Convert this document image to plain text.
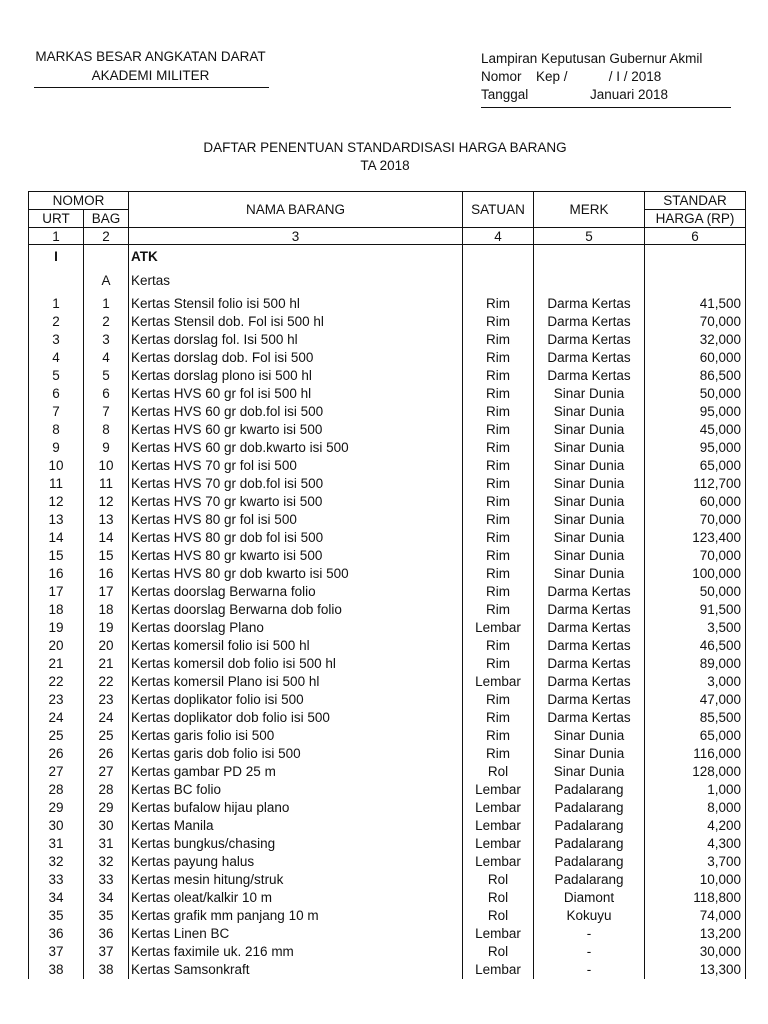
MARKAS BESAR ANGKATAN DARAT
AKADEMI MILITER
Lampiran Keputusan Gubernur Akmil
Nomor Kep /           / I / 2018
Tanggal	Januari 2018
DAFTAR PENENTUAN STANDARDISASI HARGA BARANG
TA 2018
NOMOR		NAMA BARANG	SATUAN	MERK	STANDAR
URT	BAG				HARGA (RP)
1	2	3	4	5	6
I		ATK			
	A	Kertas			
1	1	Kertas Stensil folio isi 500 hl	Rim	Darma Kertas	41,500
2	2	Kertas Stensil dob. Fol isi 500 hl	Rim	Darma Kertas	70,000
3	3	Kertas dorslag fol. Isi 500 hl	Rim	Darma Kertas	32,000
4	4	Kertas dorslag dob. Fol isi 500	Rim	Darma Kertas	60,000
5	5	Kertas dorslag plono isi 500 hl	Rim	Darma Kertas	86,500
6	6	Kertas HVS 60 gr fol isi 500 hl	Rim	Sinar Dunia	50,000
7	7	Kertas HVS 60 gr dob.fol isi 500	Rim	Sinar Dunia	95,000
8	8	Kertas HVS 60 gr kwarto isi 500	Rim	Sinar Dunia	45,000
9	9	Kertas HVS 60 gr dob.kwarto isi 500	Rim	Sinar Dunia	95,000
10	10	Kertas HVS 70 gr fol isi 500	Rim	Sinar Dunia	65,000
11	11	Kertas HVS 70 gr dob.fol isi 500	Rim	Sinar Dunia	112,700
12	12	Kertas HVS 70 gr kwarto isi 500	Rim	Sinar Dunia	60,000
13	13	Kertas HVS 80 gr fol isi 500	Rim	Sinar Dunia	70,000
14	14	Kertas HVS 80 gr dob fol isi 500	Rim	Sinar Dunia	123,400
15	15	Kertas HVS 80 gr kwarto isi 500	Rim	Sinar Dunia	70,000
16	16	Kertas HVS 80 gr dob kwarto isi 500	Rim	Sinar Dunia	100,000
17	17	Kertas doorslag Berwarna folio	Rim	Darma Kertas	50,000
18	18	Kertas doorslag Berwarna dob folio	Rim	Darma Kertas	91,500
19	19	Kertas doorslag Plano	Lembar	Darma Kertas	3,500
20	20	Kertas komersil folio isi 500 hl	Rim	Darma Kertas	46,500
21	21	Kertas komersil dob folio isi 500 hl	Rim	Darma Kertas	89,000
22	22	Kertas komersil Plano isi 500 hl	Lembar	Darma Kertas	3,000
23	23	Kertas doplikator folio isi 500	Rim	Darma Kertas	47,000
24	24	Kertas doplikator dob folio isi 500	Rim	Darma Kertas	85,500
25	25	Kertas garis folio isi 500	Rim	Sinar Dunia	65,000
26	26	Kertas garis dob folio isi 500	Rim	Sinar Dunia	116,000
27	27	Kertas gambar PD 25 m	Rol	Sinar Dunia	128,000
28	28	Kertas BC folio	Lembar	Padalarang	1,000
29	29	Kertas bufalow hijau plano	Lembar	Padalarang	8,000
30	30	Kertas Manila	Lembar	Padalarang	4,200
31	31	Kertas bungkus/chasing	Lembar	Padalarang	4,300
32	32	Kertas payung halus	Lembar	Padalarang	3,700
33	33	Kertas mesin hitung/struk	Rol	Padalarang	10,000
34	34	Kertas oleat/kalkir 10 m	Rol	Diamont	118,800
35	35	Kertas grafik mm panjang 10 m	Rol	Kokuyu	74,000
36	36	Kertas Linen BC	Lembar	-	13,200
37	37	Kertas faximile uk. 216 mm	Rol	-	30,000
38	38	Kertas Samsonkraft	Lembar	-	13,300
